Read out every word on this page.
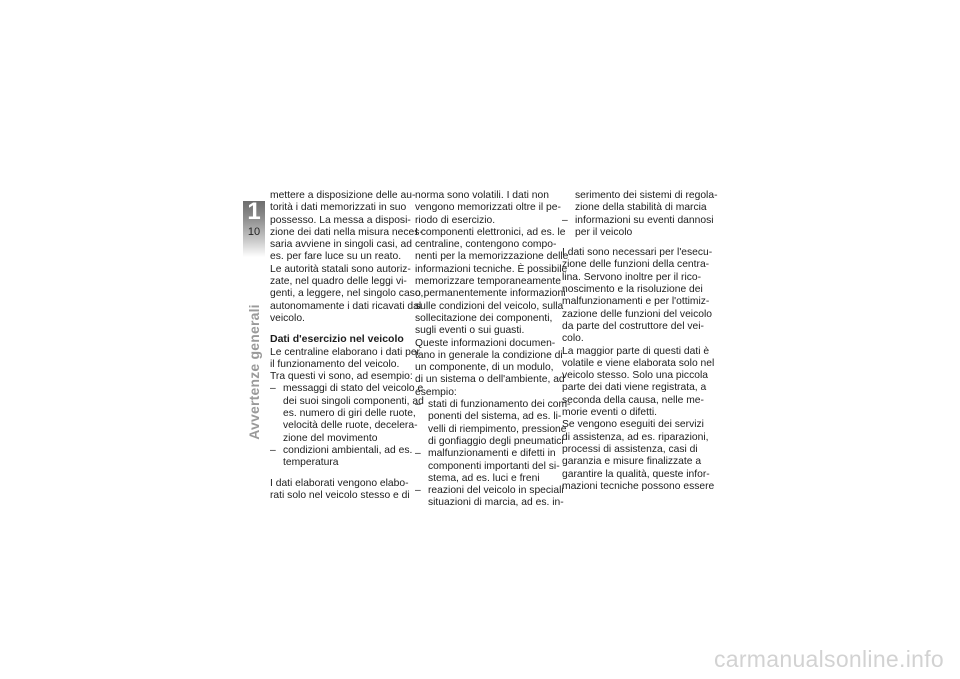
1
10
Avvertenze generali
mettere a disposizione delle au-
torità i dati memorizzati in suo
possesso. La messa a disposi-
zione dei dati nella misura neces-
saria avviene in singoli casi, ad
es. per fare luce su un reato.
Le autorità statali sono autoriz-
zate, nel quadro delle leggi vi-
genti, a leggere, nel singolo caso,
autonomamente i dati ricavati dal
veicolo.
Dati d'esercizio nel veicolo
Le centraline elaborano i dati per
il funzionamento del veicolo.
Tra questi vi sono, ad esempio:
– messaggi di stato del veicolo e
dei suoi singoli componenti, ad
es. numero di giri delle ruote,
velocità delle ruote, decelera-
zione del movimento
– condizioni ambientali, ad es.
temperatura
I dati elaborati vengono elabo-
rati solo nel veicolo stesso e di
norma sono volatili. I dati non
vengono memorizzati oltre il pe-
riodo di esercizio.
I componenti elettronici, ad es. le
centraline, contengono compo-
nenti per la memorizzazione delle
informazioni tecniche. È possibile
memorizzare temporaneamente
o permanentemente informazioni
sulle condizioni del veicolo, sulla
sollecitazione dei componenti,
sugli eventi o sui guasti.
Queste informazioni documen-
tano in generale la condizione di
un componente, di un modulo,
di un sistema o dell'ambiente, ad
esempio:
– stati di funzionamento dei com-
ponenti del sistema, ad es. li-
velli di riempimento, pressione
di gonfiaggio degli pneumatici
– malfunzionamenti e difetti in
componenti importanti del si-
stema, ad es. luci e freni
– reazioni del veicolo in speciali
situazioni di marcia, ad es. in-
serimento dei sistemi di regola-
zione della stabilità di marcia
– informazioni su eventi dannosi
per il veicolo
I dati sono necessari per l'esecu-
zione delle funzioni della centra-
lina. Servono inoltre per il rico-
noscimento e la risoluzione dei
malfunzionamenti e per l'ottimiz-
zazione delle funzioni del veicolo
da parte del costruttore del vei-
colo.
La maggior parte di questi dati è
volatile e viene elaborata solo nel
veicolo stesso. Solo una piccola
parte dei dati viene registrata, a
seconda della causa, nelle me-
morie eventi o difetti.
Se vengono eseguiti dei servizi
di assistenza, ad es. riparazioni,
processi di assistenza, casi di
garanzia e misure finalizzate a
garantire la qualità, queste infor-
mazioni tecniche possono essere
carmanualsonline.info
